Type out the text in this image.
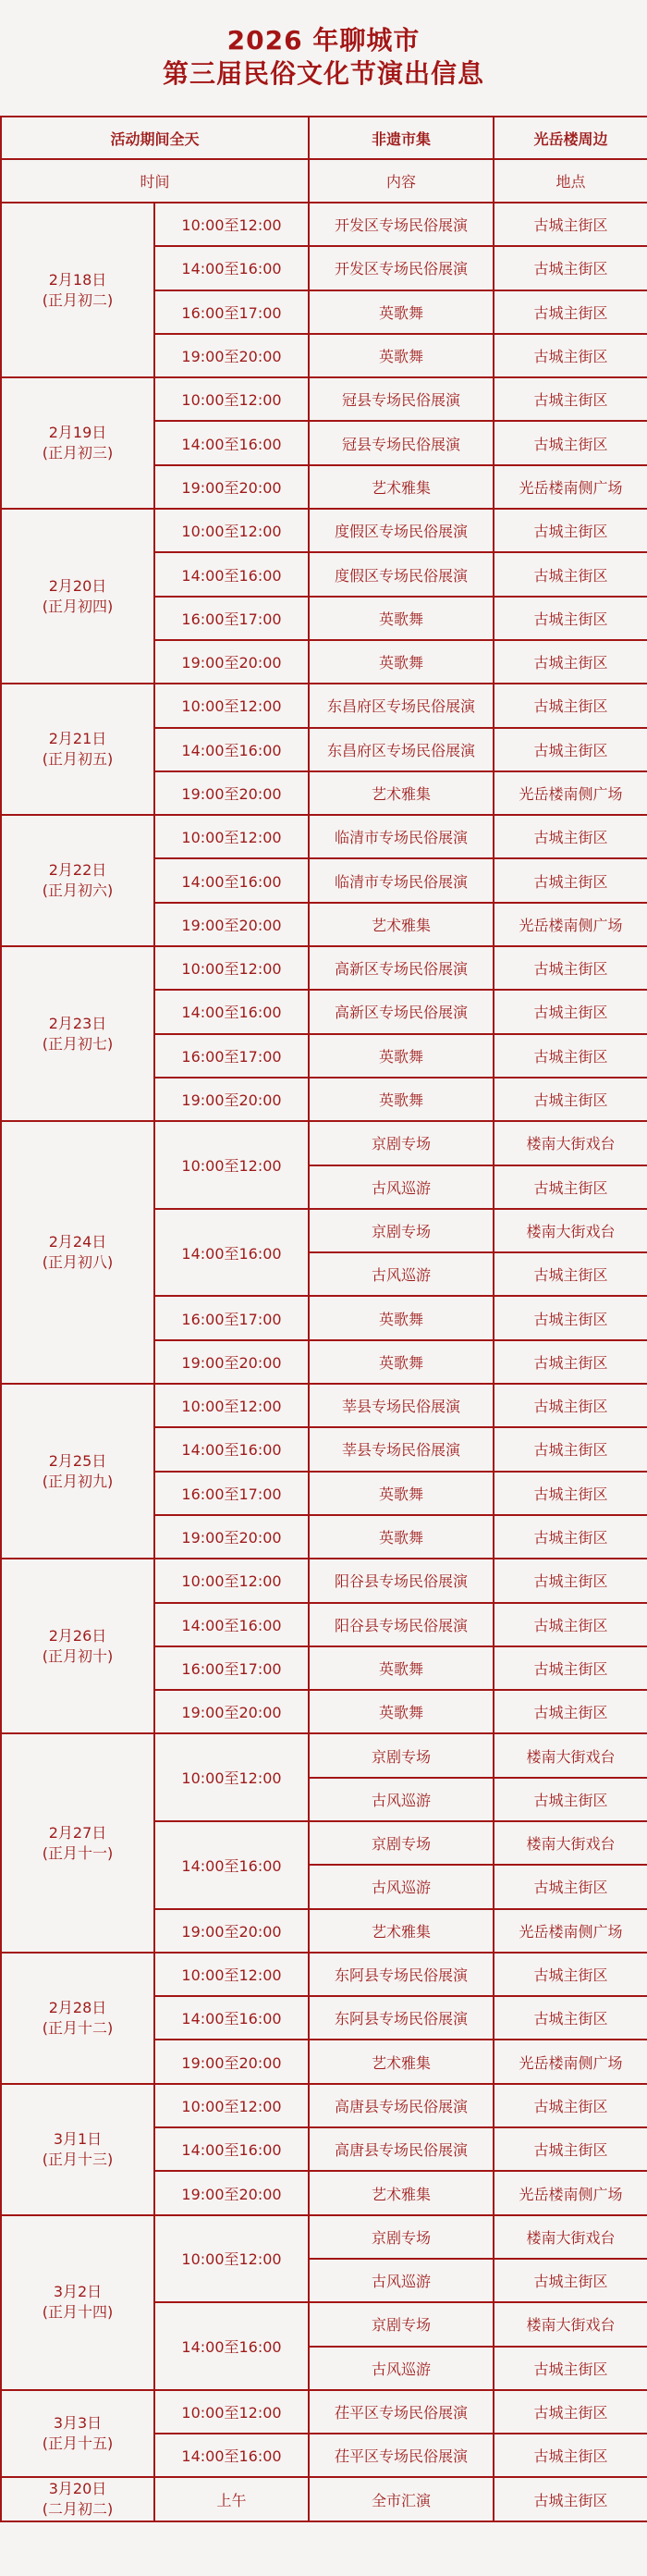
2026 年聊城市
第三届民俗文化节演出信息
活动期间全天		非遗市集	光岳楼周边
时间		内容	地点

2月18日
(正月初二)	10:00至12:00	开发区专场民俗展演	古城主街区
	14:00至16:00	开发区专场民俗展演	古城主街区
	16:00至17:00	英歌舞	古城主街区
	19:00至20:00	英歌舞	古城主街区

2月19日
(正月初三)	10:00至12:00	冠县专场民俗展演	古城主街区
	14:00至16:00	冠县专场民俗展演	古城主街区
	19:00至20:00	艺术雅集	光岳楼南侧广场

2月20日
(正月初四)	10:00至12:00	度假区专场民俗展演	古城主街区
	14:00至16:00	度假区专场民俗展演	古城主街区
	16:00至17:00	英歌舞	古城主街区
	19:00至20:00	英歌舞	古城主街区

2月21日
(正月初五)	10:00至12:00	东昌府区专场民俗展演	古城主街区
	14:00至16:00	东昌府区专场民俗展演	古城主街区
	19:00至20:00	艺术雅集	光岳楼南侧广场

2月22日
(正月初六)	10:00至12:00	临清市专场民俗展演	古城主街区
	14:00至16:00	临清市专场民俗展演	古城主街区
	19:00至20:00	艺术雅集	光岳楼南侧广场

2月23日
(正月初七)	10:00至12:00	高新区专场民俗展演	古城主街区
	14:00至16:00	高新区专场民俗展演	古城主街区
	16:00至17:00	英歌舞	古城主街区
	19:00至20:00	英歌舞	古城主街区

2月24日
(正月初八)	10:00至12:00	京剧专场	楼南大街戏台
		古风巡游	古城主街区
	14:00至16:00	京剧专场	楼南大街戏台
		古风巡游	古城主街区
	16:00至17:00	英歌舞	古城主街区
	19:00至20:00	英歌舞	古城主街区

2月25日
(正月初九)	10:00至12:00	莘县专场民俗展演	古城主街区
	14:00至16:00	莘县专场民俗展演	古城主街区
	16:00至17:00	英歌舞	古城主街区
	19:00至20:00	英歌舞	古城主街区

2月26日
(正月初十)	10:00至12:00	阳谷县专场民俗展演	古城主街区
	14:00至16:00	阳谷县专场民俗展演	古城主街区
	16:00至17:00	英歌舞	古城主街区
	19:00至20:00	英歌舞	古城主街区

2月27日
(正月十一)	10:00至12:00	京剧专场	楼南大街戏台
		古风巡游	古城主街区
	14:00至16:00	京剧专场	楼南大街戏台
		古风巡游	古城主街区
	19:00至20:00	艺术雅集	光岳楼南侧广场

2月28日
(正月十二)	10:00至12:00	东阿县专场民俗展演	古城主街区
	14:00至16:00	东阿县专场民俗展演	古城主街区
	19:00至20:00	艺术雅集	光岳楼南侧广场

3月1日
(正月十三)	10:00至12:00	高唐县专场民俗展演	古城主街区
	14:00至16:00	高唐县专场民俗展演	古城主街区
	19:00至20:00	艺术雅集	光岳楼南侧广场

3月2日
(正月十四)	10:00至12:00	京剧专场	楼南大街戏台
		古风巡游	古城主街区
	14:00至16:00	京剧专场	楼南大街戏台
		古风巡游	古城主街区

3月3日
(正月十五)	10:00至12:00	茌平区专场民俗展演	古城主街区
	14:00至16:00	茌平区专场民俗展演	古城主街区

3月20日
(二月初二)	上午	全市汇演	古城主街区
